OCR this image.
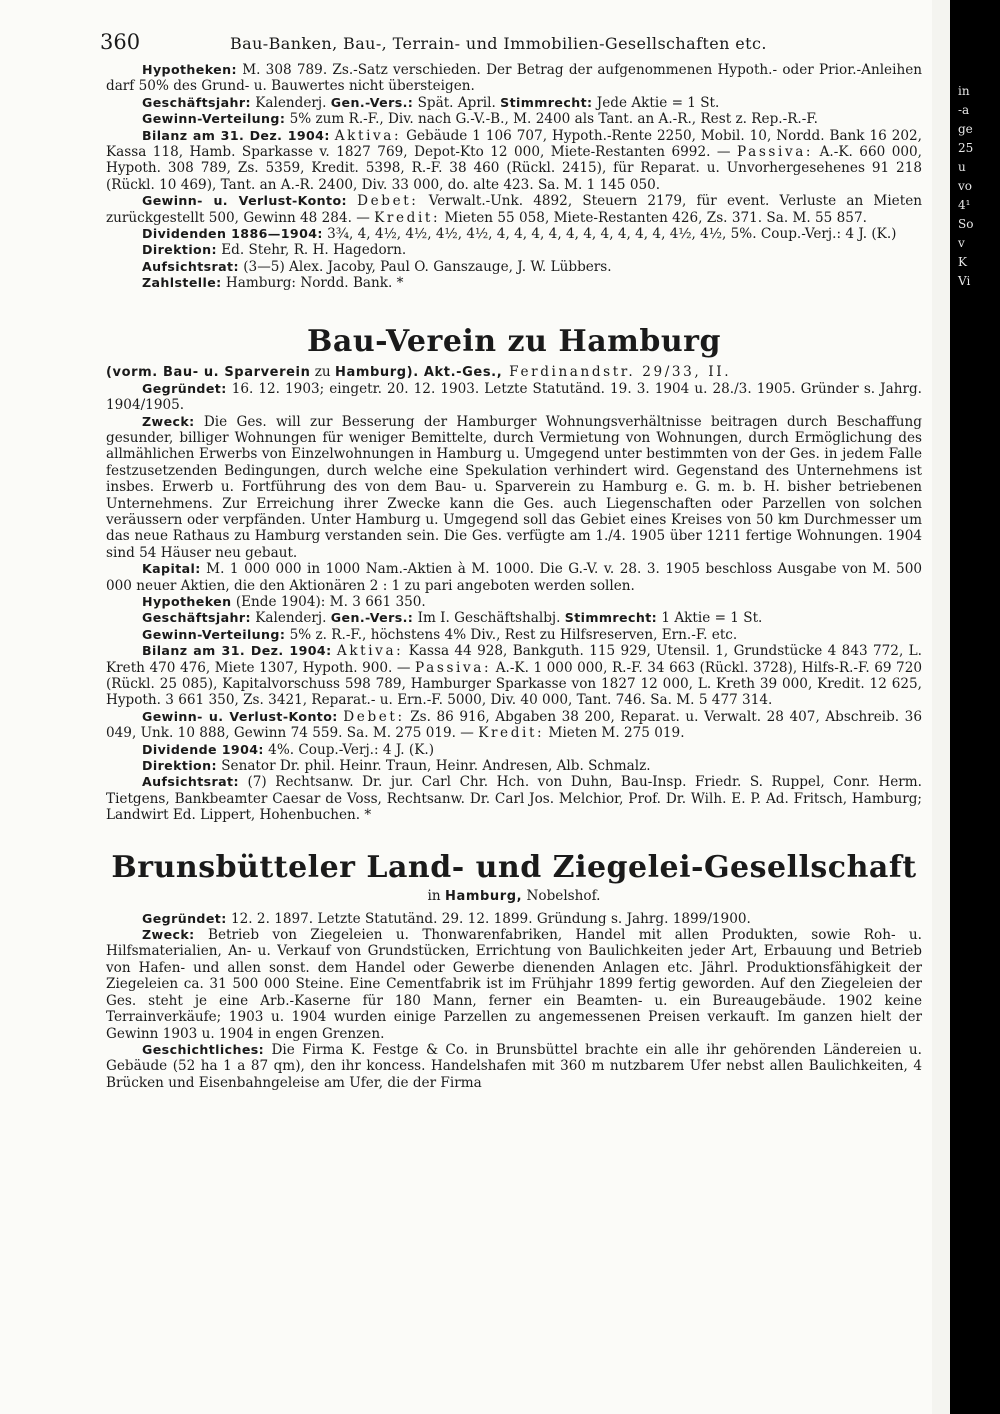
360	Bau-Banken, Bau-, Terrain- und Immobilien-Gesellschaften etc.

Hypotheken: M. 308 789. Zs.-Satz verschieden. Der Betrag der aufgenommenen Hypoth.- oder Prior.-Anleihen darf 50% des Grund- u. Bauwertes nicht übersteigen.

Geschäftsjahr: Kalenderj. Gen.-Vers.: Spät. April. Stimmrecht: Jede Aktie = 1 St.

Gewinn-Verteilung: 5% zum R.-F., Div. nach G.-V.-B., M. 2400 als Tant. an A.-R., Rest z. Rep.-R.-F.

Bilanz am 31. Dez. 1904: Aktiva: Gebäude 1 106 707, Hypoth.-Rente 2250, Mobil. 10, Nordd. Bank 16 202, Kassa 118, Hamb. Sparkasse v. 1827 769, Depot-Kto 12 000, Miete-Restanten 6992. — Passiva: A.-K. 660 000, Hypoth. 308 789, Zs. 5359, Kredit. 5398, R.-F. 38 460 (Rückl. 2415), für Reparat. u. Unvorhergesehenes 91 218 (Rückl. 10 469), Tant. an A.-R. 2400, Div. 33 000, do. alte 423. Sa. M. 1 145 050.

Gewinn- u. Verlust-Konto: Debet: Verwalt.-Unk. 4892, Steuern 2179, für event. Verluste an Mieten zurückgestellt 500, Gewinn 48 284. — Kredit: Mieten 55 058, Miete-Restanten 426, Zs. 371. Sa. M. 55 857.

Dividenden 1886—1904: 3¾, 4, 4½, 4½, 4½, 4½, 4, 4, 4, 4, 4, 4, 4, 4, 4, 4, 4½, 4½, 5%. Coup.-Verj.: 4 J. (K.)

Direktion: Ed. Stehr, R. H. Hagedorn.

Aufsichtsrat: (3—5) Alex. Jacoby, Paul O. Ganszauge, J. W. Lübbers.

Zahlstelle: Hamburg: Nordd. Bank. *

Bau-Verein zu Hamburg

(vorm. Bau- u. Sparverein zu Hamburg). Akt.-Ges., Ferdinandstr. 29/33, II.

Gegründet: 16. 12. 1903; eingetr. 20. 12. 1903. Letzte Statutänd. 19. 3. 1904 u. 28./3. 1905. Gründer s. Jahrg. 1904/1905.

Zweck: Die Ges. will zur Besserung der Hamburger Wohnungsverhältnisse beitragen durch Beschaffung gesunder, billiger Wohnungen für weniger Bemittelte, durch Vermietung von Wohnungen, durch Ermöglichung des allmählichen Erwerbs von Einzelwohnungen in Hamburg u. Umgegend unter bestimmten von der Ges. in jedem Falle festzusetzenden Bedingungen, durch welche eine Spekulation verhindert wird. Gegenstand des Unternehmens ist insbes. Erwerb u. Fortführung des von dem Bau- u. Sparverein zu Hamburg e. G. m. b. H. bisher betriebenen Unternehmens. Zur Erreichung ihrer Zwecke kann die Ges. auch Liegenschaften oder Parzellen von solchen veräussern oder verpfänden. Unter Hamburg u. Umgegend soll das Gebiet eines Kreises von 50 km Durchmesser um das neue Rathaus zu Hamburg verstanden sein. Die Ges. verfügte am 1./4. 1905 über 1211 fertige Wohnungen. 1904 sind 54 Häuser neu gebaut.

Kapital: M. 1 000 000 in 1000 Nam.-Aktien à M. 1000. Die G.-V. v. 28. 3. 1905 beschloss Ausgabe von M. 500 000 neuer Aktien, die den Aktionären 2 : 1 zu pari angeboten werden sollen.

Hypotheken (Ende 1904): M. 3 661 350.

Geschäftsjahr: Kalenderj. Gen.-Vers.: Im I. Geschäftshalbj. Stimmrecht: 1 Aktie = 1 St.

Gewinn-Verteilung: 5% z. R.-F., höchstens 4% Div., Rest zu Hilfsreserven, Ern.-F. etc.

Bilanz am 31. Dez. 1904: Aktiva: Kassa 44 928, Bankguth. 115 929, Utensil. 1, Grundstücke 4 843 772, L. Kreth 470 476, Miete 1307, Hypoth. 900. — Passiva: A.-K. 1 000 000, R.-F. 34 663 (Rückl. 3728), Hilfs-R.-F. 69 720 (Rückl. 25 085), Kapitalvorschuss 598 789, Hamburger Sparkasse von 1827 12 000, L. Kreth 39 000, Kredit. 12 625, Hypoth. 3 661 350, Zs. 3421, Reparat.- u. Ern.-F. 5000, Div. 40 000, Tant. 746. Sa. M. 5 477 314.

Gewinn- u. Verlust-Konto: Debet: Zs. 86 916, Abgaben 38 200, Reparat. u. Verwalt. 28 407, Abschreib. 36 049, Unk. 10 888, Gewinn 74 559. Sa. M. 275 019. — Kredit: Mieten M. 275 019.

Dividende 1904: 4%. Coup.-Verj.: 4 J. (K.)

Direktion: Senator Dr. phil. Heinr. Traun, Heinr. Andresen, Alb. Schmalz.

Aufsichtsrat: (7) Rechtsanw. Dr. jur. Carl Chr. Hch. von Duhn, Bau-Insp. Friedr. S. Ruppel, Conr. Herm. Tietgens, Bankbeamter Caesar de Voss, Rechtsanw. Dr. Carl Jos. Melchior, Prof. Dr. Wilh. E. P. Ad. Fritsch, Hamburg; Landwirt Ed. Lippert, Hohenbuchen. *

Brunsbütteler Land- und Ziegelei-Gesellschaft

in Hamburg, Nobelshof.

Gegründet: 12. 2. 1897. Letzte Statutänd. 29. 12. 1899. Gründung s. Jahrg. 1899/1900.

Zweck: Betrieb von Ziegeleien u. Thonwarenfabriken, Handel mit allen Produkten, sowie Roh- u. Hilfsmaterialien, An- u. Verkauf von Grundstücken, Errichtung von Baulichkeiten jeder Art, Erbauung und Betrieb von Hafen- und allen sonst. dem Handel oder Gewerbe dienenden Anlagen etc. Jährl. Produktionsfähigkeit der Ziegeleien ca. 31 500 000 Steine. Eine Cementfabrik ist im Frühjahr 1899 fertig geworden. Auf den Ziegeleien der Ges. steht je eine Arb.-Kaserne für 180 Mann, ferner ein Beamten- u. ein Bureaugebäude. 1902 keine Terrainverkäufe; 1903 u. 1904 wurden einige Parzellen zu angemessenen Preisen verkauft. Im ganzen hielt der Gewinn 1903 u. 1904 in engen Grenzen.

Geschichtliches: Die Firma K. Festge & Co. in Brunsbüttel brachte ein alle ihr gehörenden Ländereien u. Gebäude (52 ha 1 a 87 qm), den ihr koncess. Handelshafen mit 360 m nutzbarem Ufer nebst allen Baulichkeiten, 4 Brücken und Eisenbahngeleise am Ufer, die der Firma

in
-a
ge
25
u
vo
4¹
So
v
K
Vi
